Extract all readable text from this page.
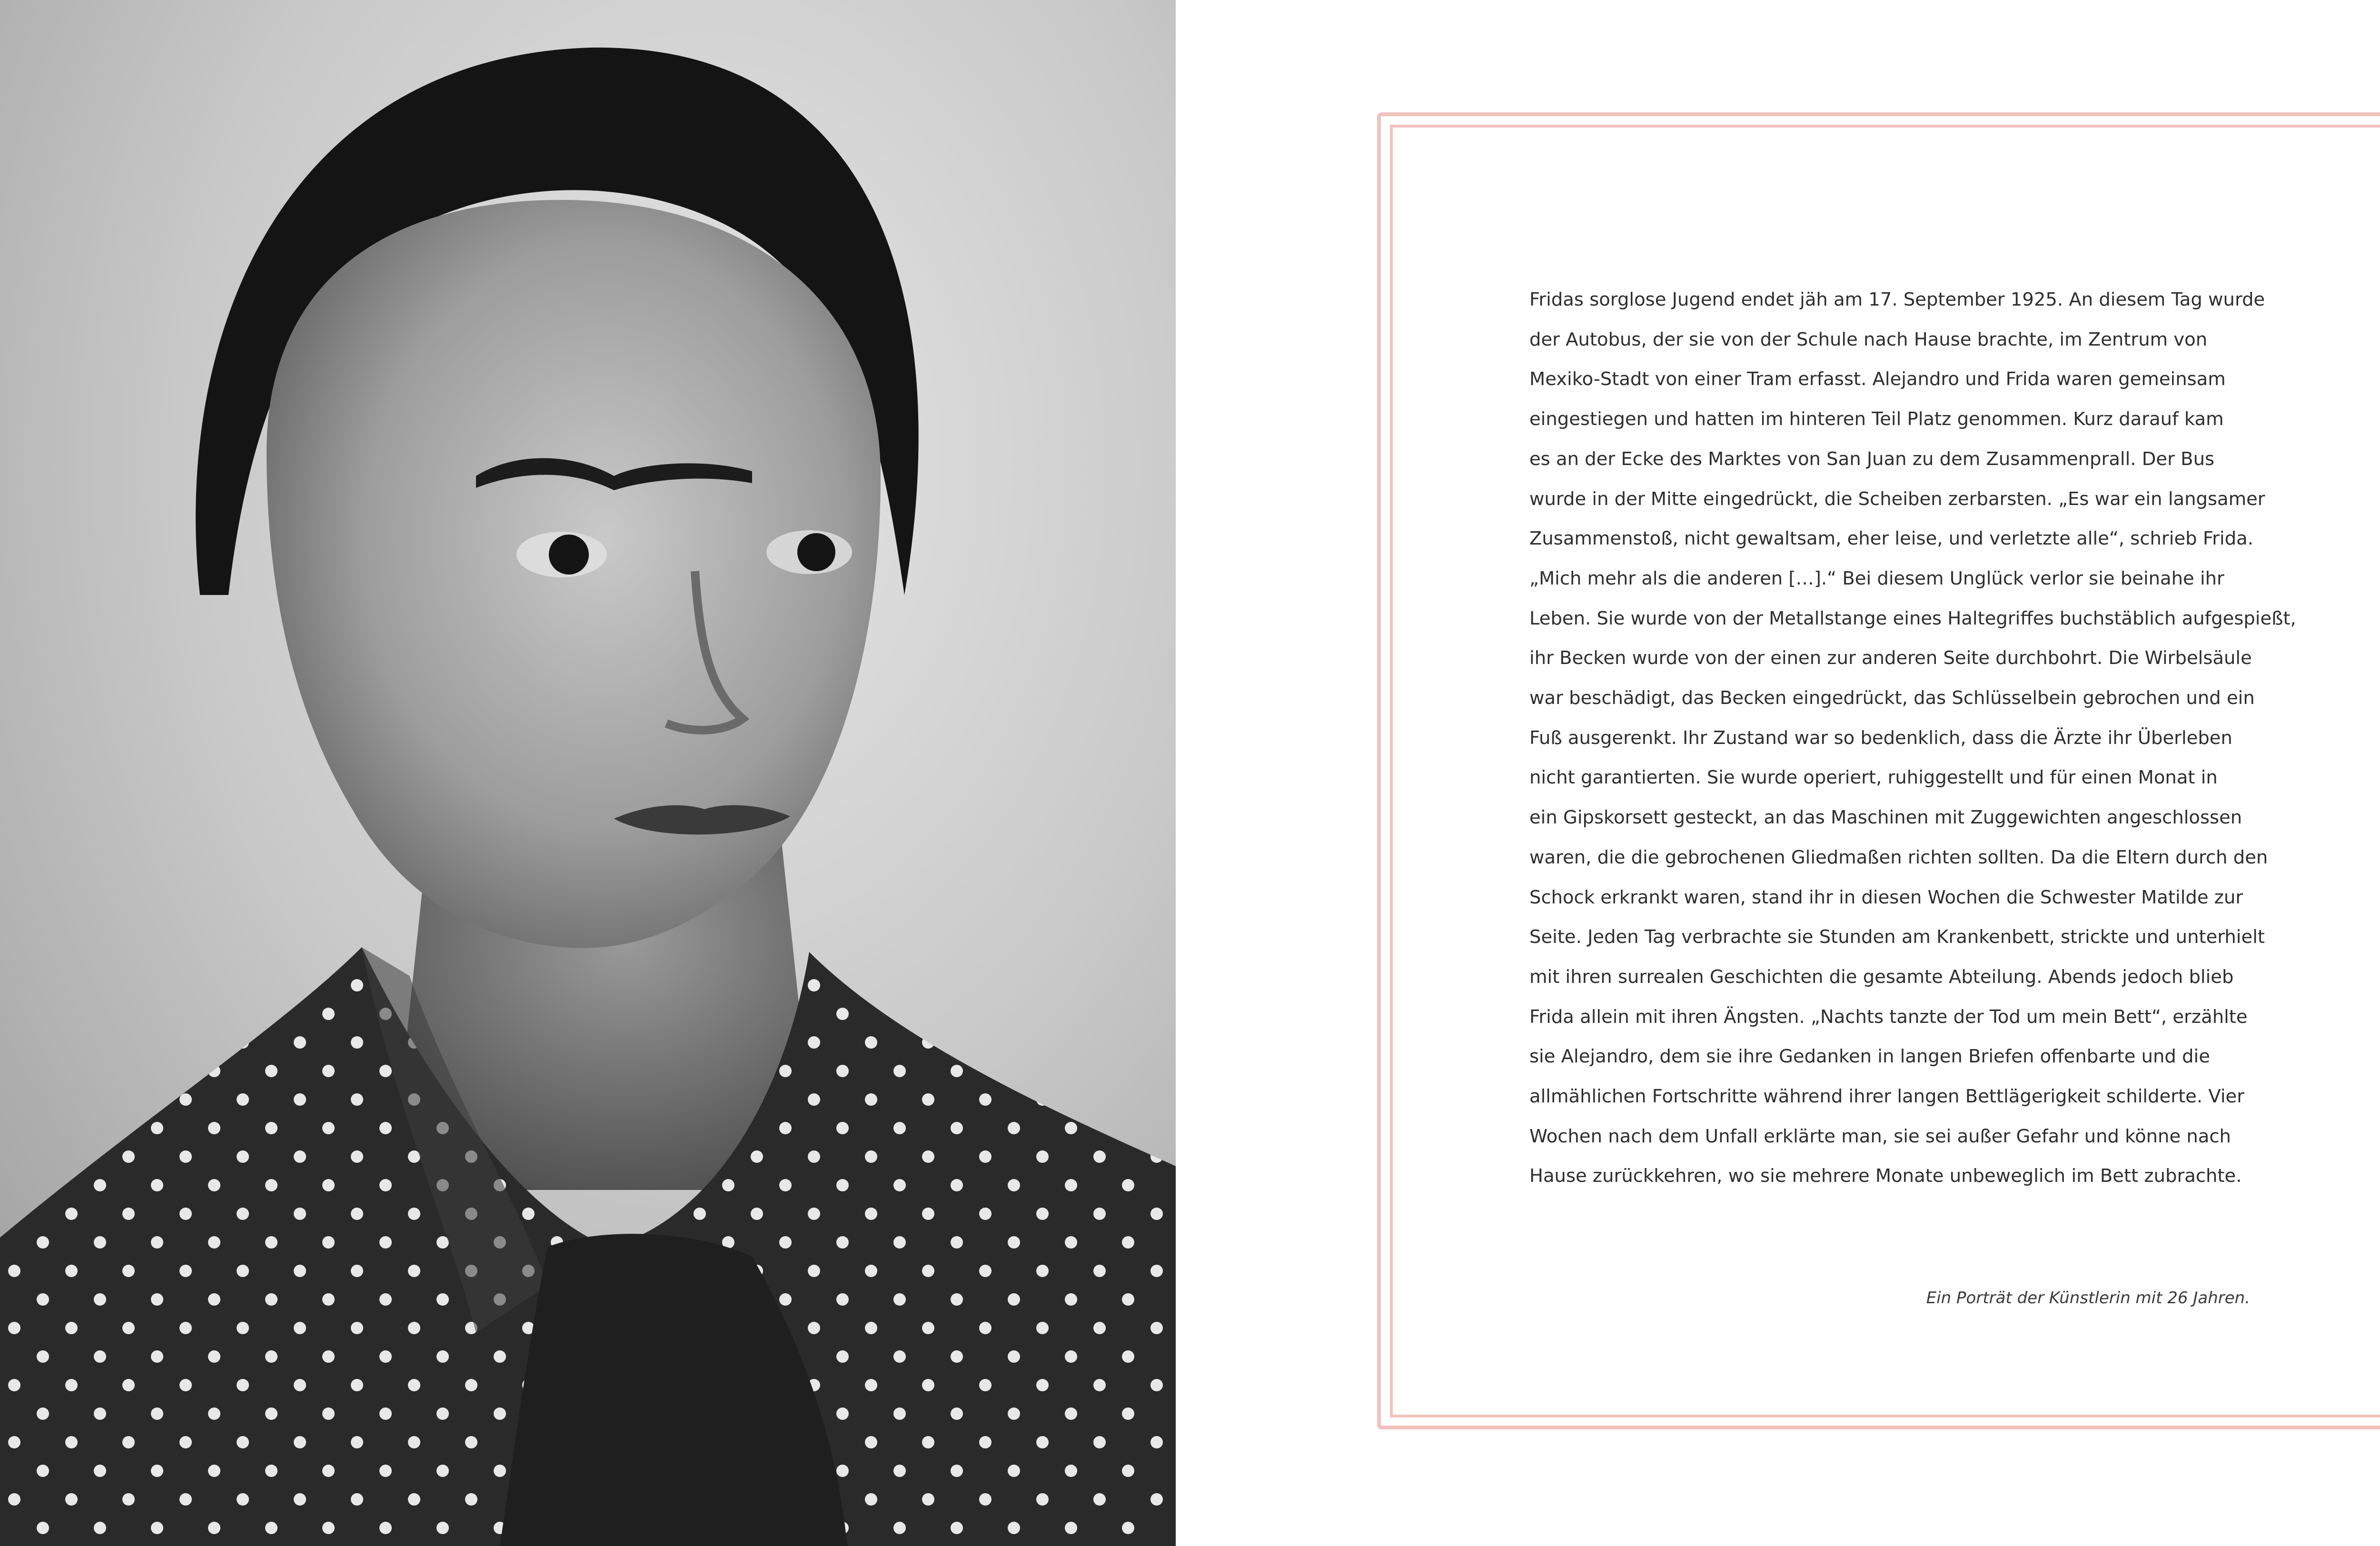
Fridas sorglose Jugend endet jäh am 17. September 1925. An diesem Tag wurde
der Autobus, der sie von der Schule nach Hause brachte, im Zentrum von
Mexiko-Stadt von einer Tram erfasst. Alejandro und Frida waren gemeinsam
eingestiegen und hatten im hinteren Teil Platz genommen. Kurz darauf kam
es an der Ecke des Marktes von San Juan zu dem Zusammenprall. Der Bus
wurde in der Mitte eingedrückt, die Scheiben zerbarsten. „Es war ein langsamer
Zusammenstoß, nicht gewaltsam, eher leise, und verletzte alle“, schrieb Frida.
„Mich mehr als die anderen […].“ Bei diesem Unglück verlor sie beinahe ihr
Leben. Sie wurde von der Metallstange eines Haltegriffes buchstäblich aufgespießt,
ihr Becken wurde von der einen zur anderen Seite durchbohrt. Die Wirbelsäule
war beschädigt, das Becken eingedrückt, das Schlüsselbein gebrochen und ein
Fuß ausgerenkt. Ihr Zustand war so bedenklich, dass die Ärzte ihr Überleben
nicht garantierten. Sie wurde operiert, ruhiggestellt und für einen Monat in
ein Gipskorsett gesteckt, an das Maschinen mit Zuggewichten angeschlossen
waren, die die gebrochenen Gliedmaßen richten sollten. Da die Eltern durch den
Schock erkrankt waren, stand ihr in diesen Wochen die Schwester Matilde zur
Seite. Jeden Tag verbrachte sie Stunden am Krankenbett, strickte und unterhielt
mit ihren surrealen Geschichten die gesamte Abteilung. Abends jedoch blieb
Frida allein mit ihren Ängsten. „Nachts tanzte der Tod um mein Bett“, erzählte
sie Alejandro, dem sie ihre Gedanken in langen Briefen offenbarte und die
allmählichen Fortschritte während ihrer langen Bettlägerigkeit schilderte. Vier
Wochen nach dem Unfall erklärte man, sie sei außer Gefahr und könne nach
Hause zurückkehren, wo sie mehrere Monate unbeweglich im Bett zubrachte.
Ein Porträt der Künstlerin mit 26 Jahren.
